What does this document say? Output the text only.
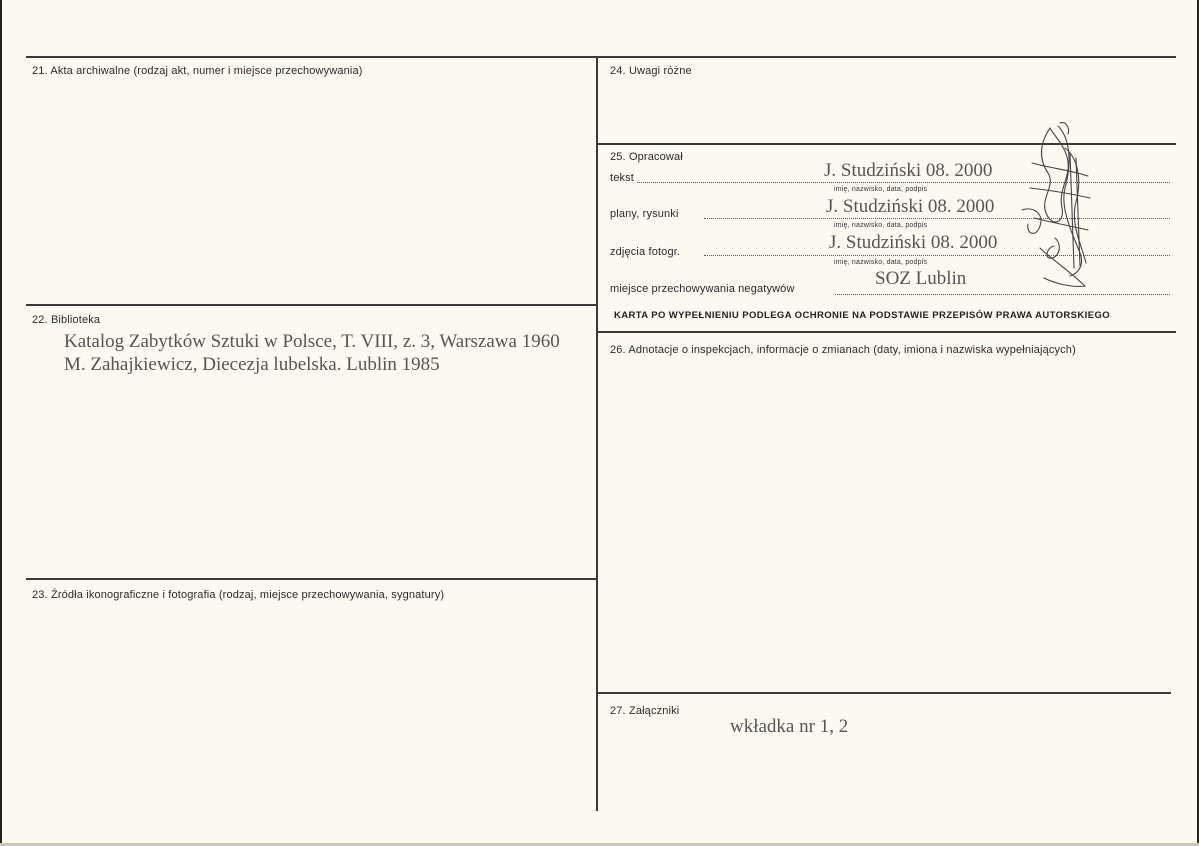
21. Akta archiwalne (rodzaj akt, numer i miejsce przechowywania)
22. Biblioteka
Katalog Zabytków Sztuki w Polsce, T. VIII, z. 3, Warszawa 1960
M. Zahajkiewicz, Diecezja lubelska. Lublin 1985
23. Źródła ikonograficzne i fotografia (rodzaj, miejsce przechowywania, sygnatury)
24. Uwagi różne
25. Opracował
tekst	J. Studziński 08. 2000
imię, nazwisko, data, podpis
plany, rysunki	J. Studziński 08. 2000
imię, nazwisko, data, podpis
zdjęcia fotogr.	J. Studziński 08. 2000
imię, nazwisko, data, podpis
miejsce przechowywania negatywów	SOZ Lublin
KARTA PO WYPEŁNIENIU PODLEGA OCHRONIE NA PODSTAWIE PRZEPISÓW PRAWA AUTORSKIEGO
26. Adnotacje o inspekcjach, informacje o zmianach (daty, imiona i nazwiska wypełniających)
27. Załączniki
wkładka nr 1, 2
